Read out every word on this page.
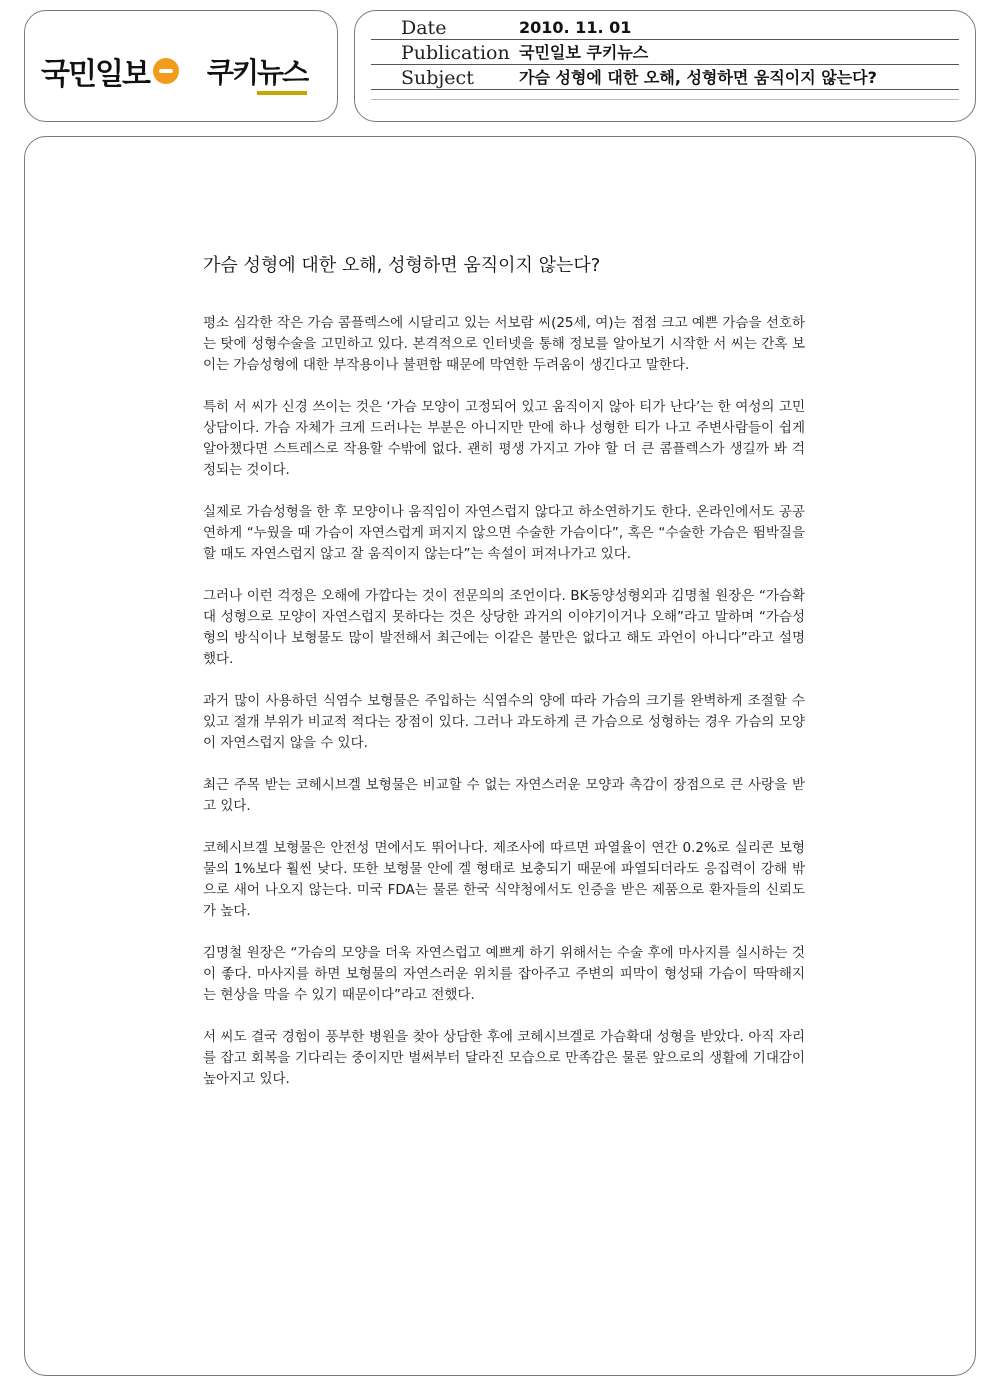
국민일보 쿠키 뉴스
Date	2010. 11. 01
Publication 국민일보 쿠키뉴스
Subject	가슴 성형에 대한 오해, 성형하면 움직이지 않는다?
가슴 성형에 대한 오해, 성형하면 움직이지 않는다?

평소 심각한 작은 가슴 콤플렉스에 시달리고 있는 서보람 씨(25세, 여)는 점점 크고 예쁜 가슴을 선호하는 탓에 성형수술을 고민하고 있다. 본격적으로 인터넷을 통해 정보를 알아보기 시작한 서 씨는 간혹 보이는 가슴성형에 대한 부작용이나 불편함 때문에 막연한 두려움이 생긴다고 말한다.

특히 서 씨가 신경 쓰이는 것은 ‘가슴 모양이 고정되어 있고 움직이지 않아 티가 난다’는 한 여성의 고민상담이다. 가슴 자체가 크게 드러나는 부분은 아니지만 만에 하나 성형한 티가 나고 주변사람들이 쉽게 알아챘다면 스트레스로 작용할 수밖에 없다. 괜히 평생 가지고 가야 할 더 큰 콤플렉스가 생길까 봐 걱정되는 것이다.

실제로 가슴성형을 한 후 모양이나 움직임이 자연스럽지 않다고 하소연하기도 한다. 온라인에서도 공공연하게 “누웠을 때 가슴이 자연스럽게 퍼지지 않으면 수술한 가슴이다”, 혹은 “수술한 가슴은 뜀박질을 할 때도 자연스럽지 않고 잘 움직이지 않는다”는 속설이 퍼져나가고 있다.

그러나 이런 걱정은 오해에 가깝다는 것이 전문의의 조언이다. BK동양성형외과 김명철 원장은 “가슴확대 성형으로 모양이 자연스럽지 못하다는 것은 상당한 과거의 이야기이거나 오해”라고 말하며 “가슴성형의 방식이나 보형물도 많이 발전해서 최근에는 이같은 불만은 없다고 해도 과언이 아니다”라고 설명했다.

과거 많이 사용하던 식염수 보형물은 주입하는 식염수의 양에 따라 가슴의 크기를 완벽하게 조절할 수 있고 절개 부위가 비교적 적다는 장점이 있다. 그러나 과도하게 큰 가슴으로 성형하는 경우 가슴의 모양이 자연스럽지 않을 수 있다.

최근 주목 받는 코헤시브겔 보형물은 비교할 수 없는 자연스러운 모양과 촉감이 장점으로 큰 사랑을 받고 있다.

코헤시브겔 보형물은 안전성 면에서도 뛰어나다. 제조사에 따르면 파열율이 연간 0.2%로 실리콘 보형물의 1%보다 훨씬 낮다. 또한 보형물 안에 겔 형태로 보충되기 때문에 파열되더라도 응집력이 강해 밖으로 새어 나오지 않는다. 미국 FDA는 물론 한국 식약청에서도 인증을 받은 제품으로 환자들의 신뢰도가 높다.

김명철 원장은 “가슴의 모양을 더욱 자연스럽고 예쁘게 하기 위해서는 수술 후에 마사지를 실시하는 것이 좋다. 마사지를 하면 보형물의 자연스러운 위치를 잡아주고 주변의 피막이 형성돼 가슴이 딱딱해지는 현상을 막을 수 있기 때문이다”라고 전했다.

서 씨도 결국 경험이 풍부한 병원을 찾아 상담한 후에 코헤시브겔로 가슴확대 성형을 받았다. 아직 자리를 잡고 회복을 기다리는 중이지만 벌써부터 달라진 모습으로 만족감은 물론 앞으로의 생활에 기대감이 높아지고 있다.
